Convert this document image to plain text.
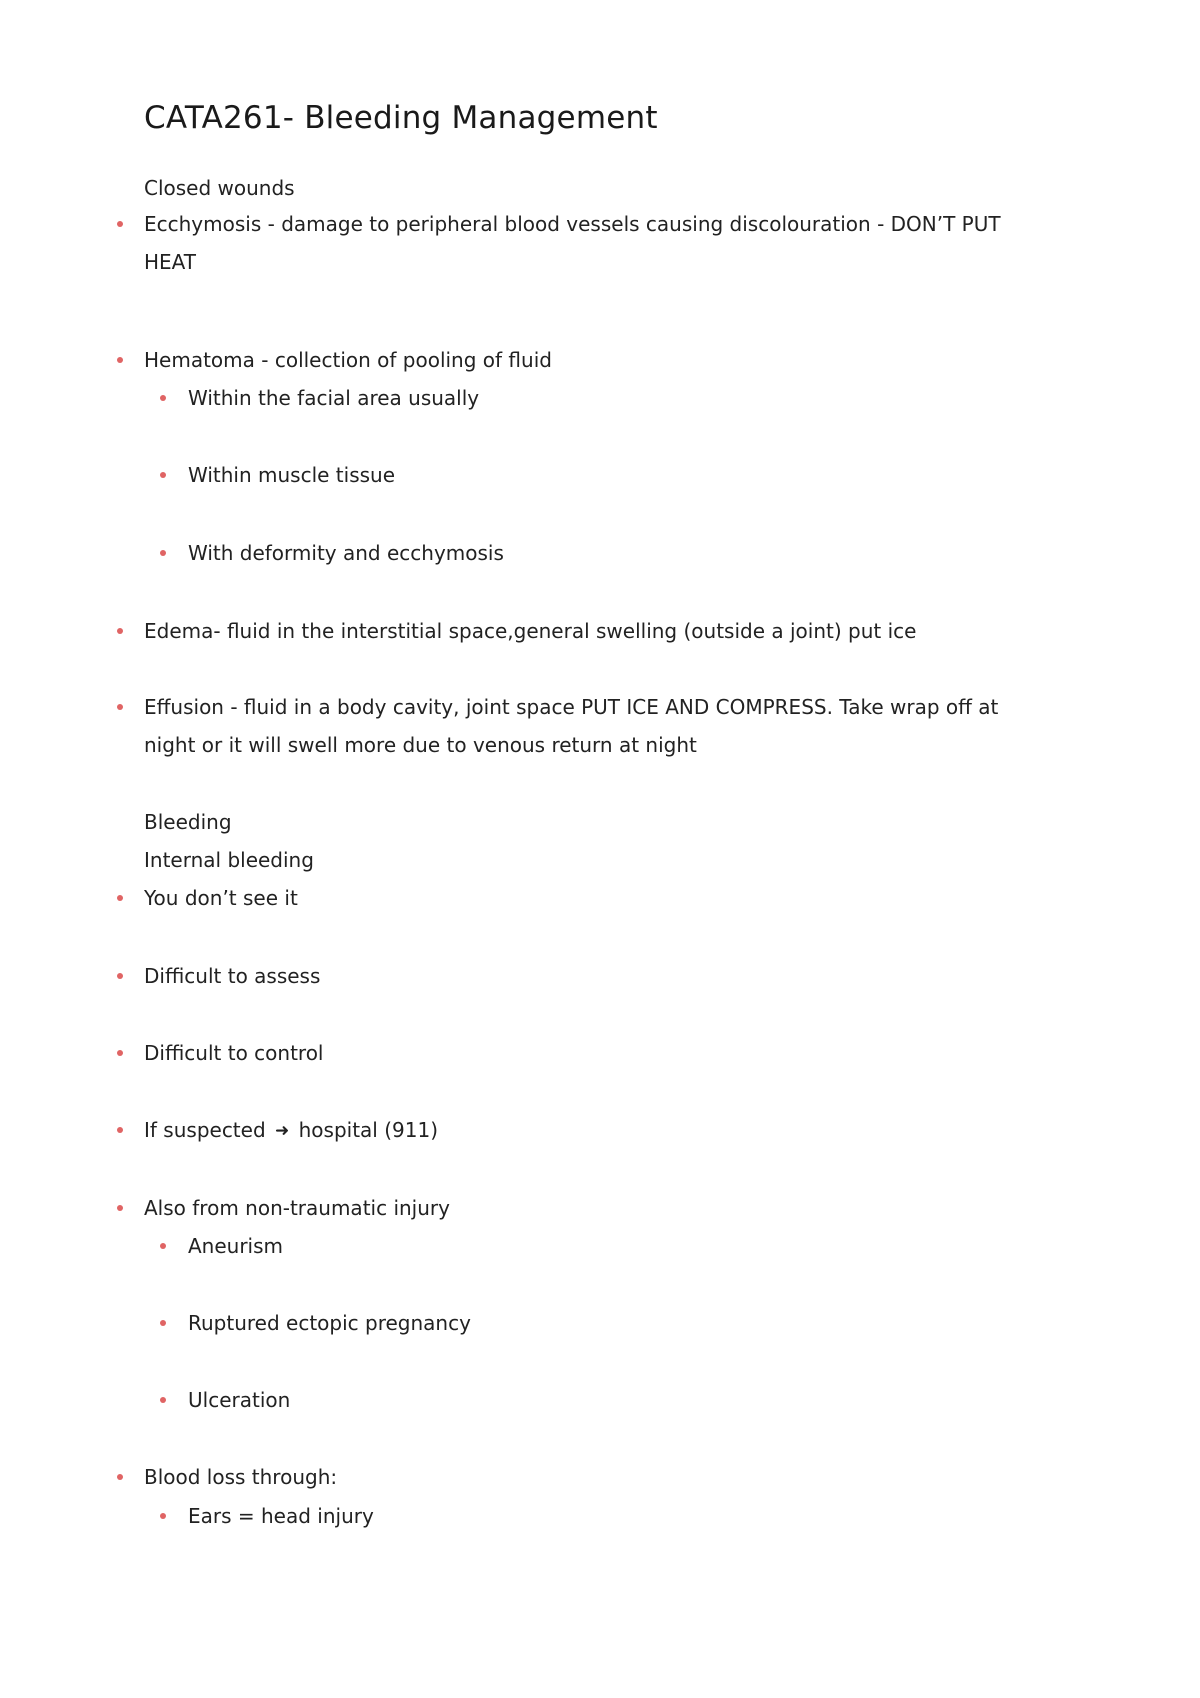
CATA261- Bleeding Management
Closed wounds
Ecchymosis - damage to peripheral blood vessels causing discolouration - DON’T PUT HEAT
Hematoma - collection of pooling of fluid
Within the facial area usually
Within muscle tissue
With deformity and ecchymosis
Edema- fluid in the interstitial space,general swelling (outside a joint) put ice
Effusion - fluid in a body cavity, joint space PUT ICE AND COMPRESS. Take wrap off at night or it will swell more due to venous return at night
Bleeding
Internal bleeding
You don’t see it
Difficult to assess
Difficult to control
If suspected ➜ hospital (911)
Also from non-traumatic injury
Aneurism
Ruptured ectopic pregnancy
Ulceration
Blood loss through:
Ears = head injury
